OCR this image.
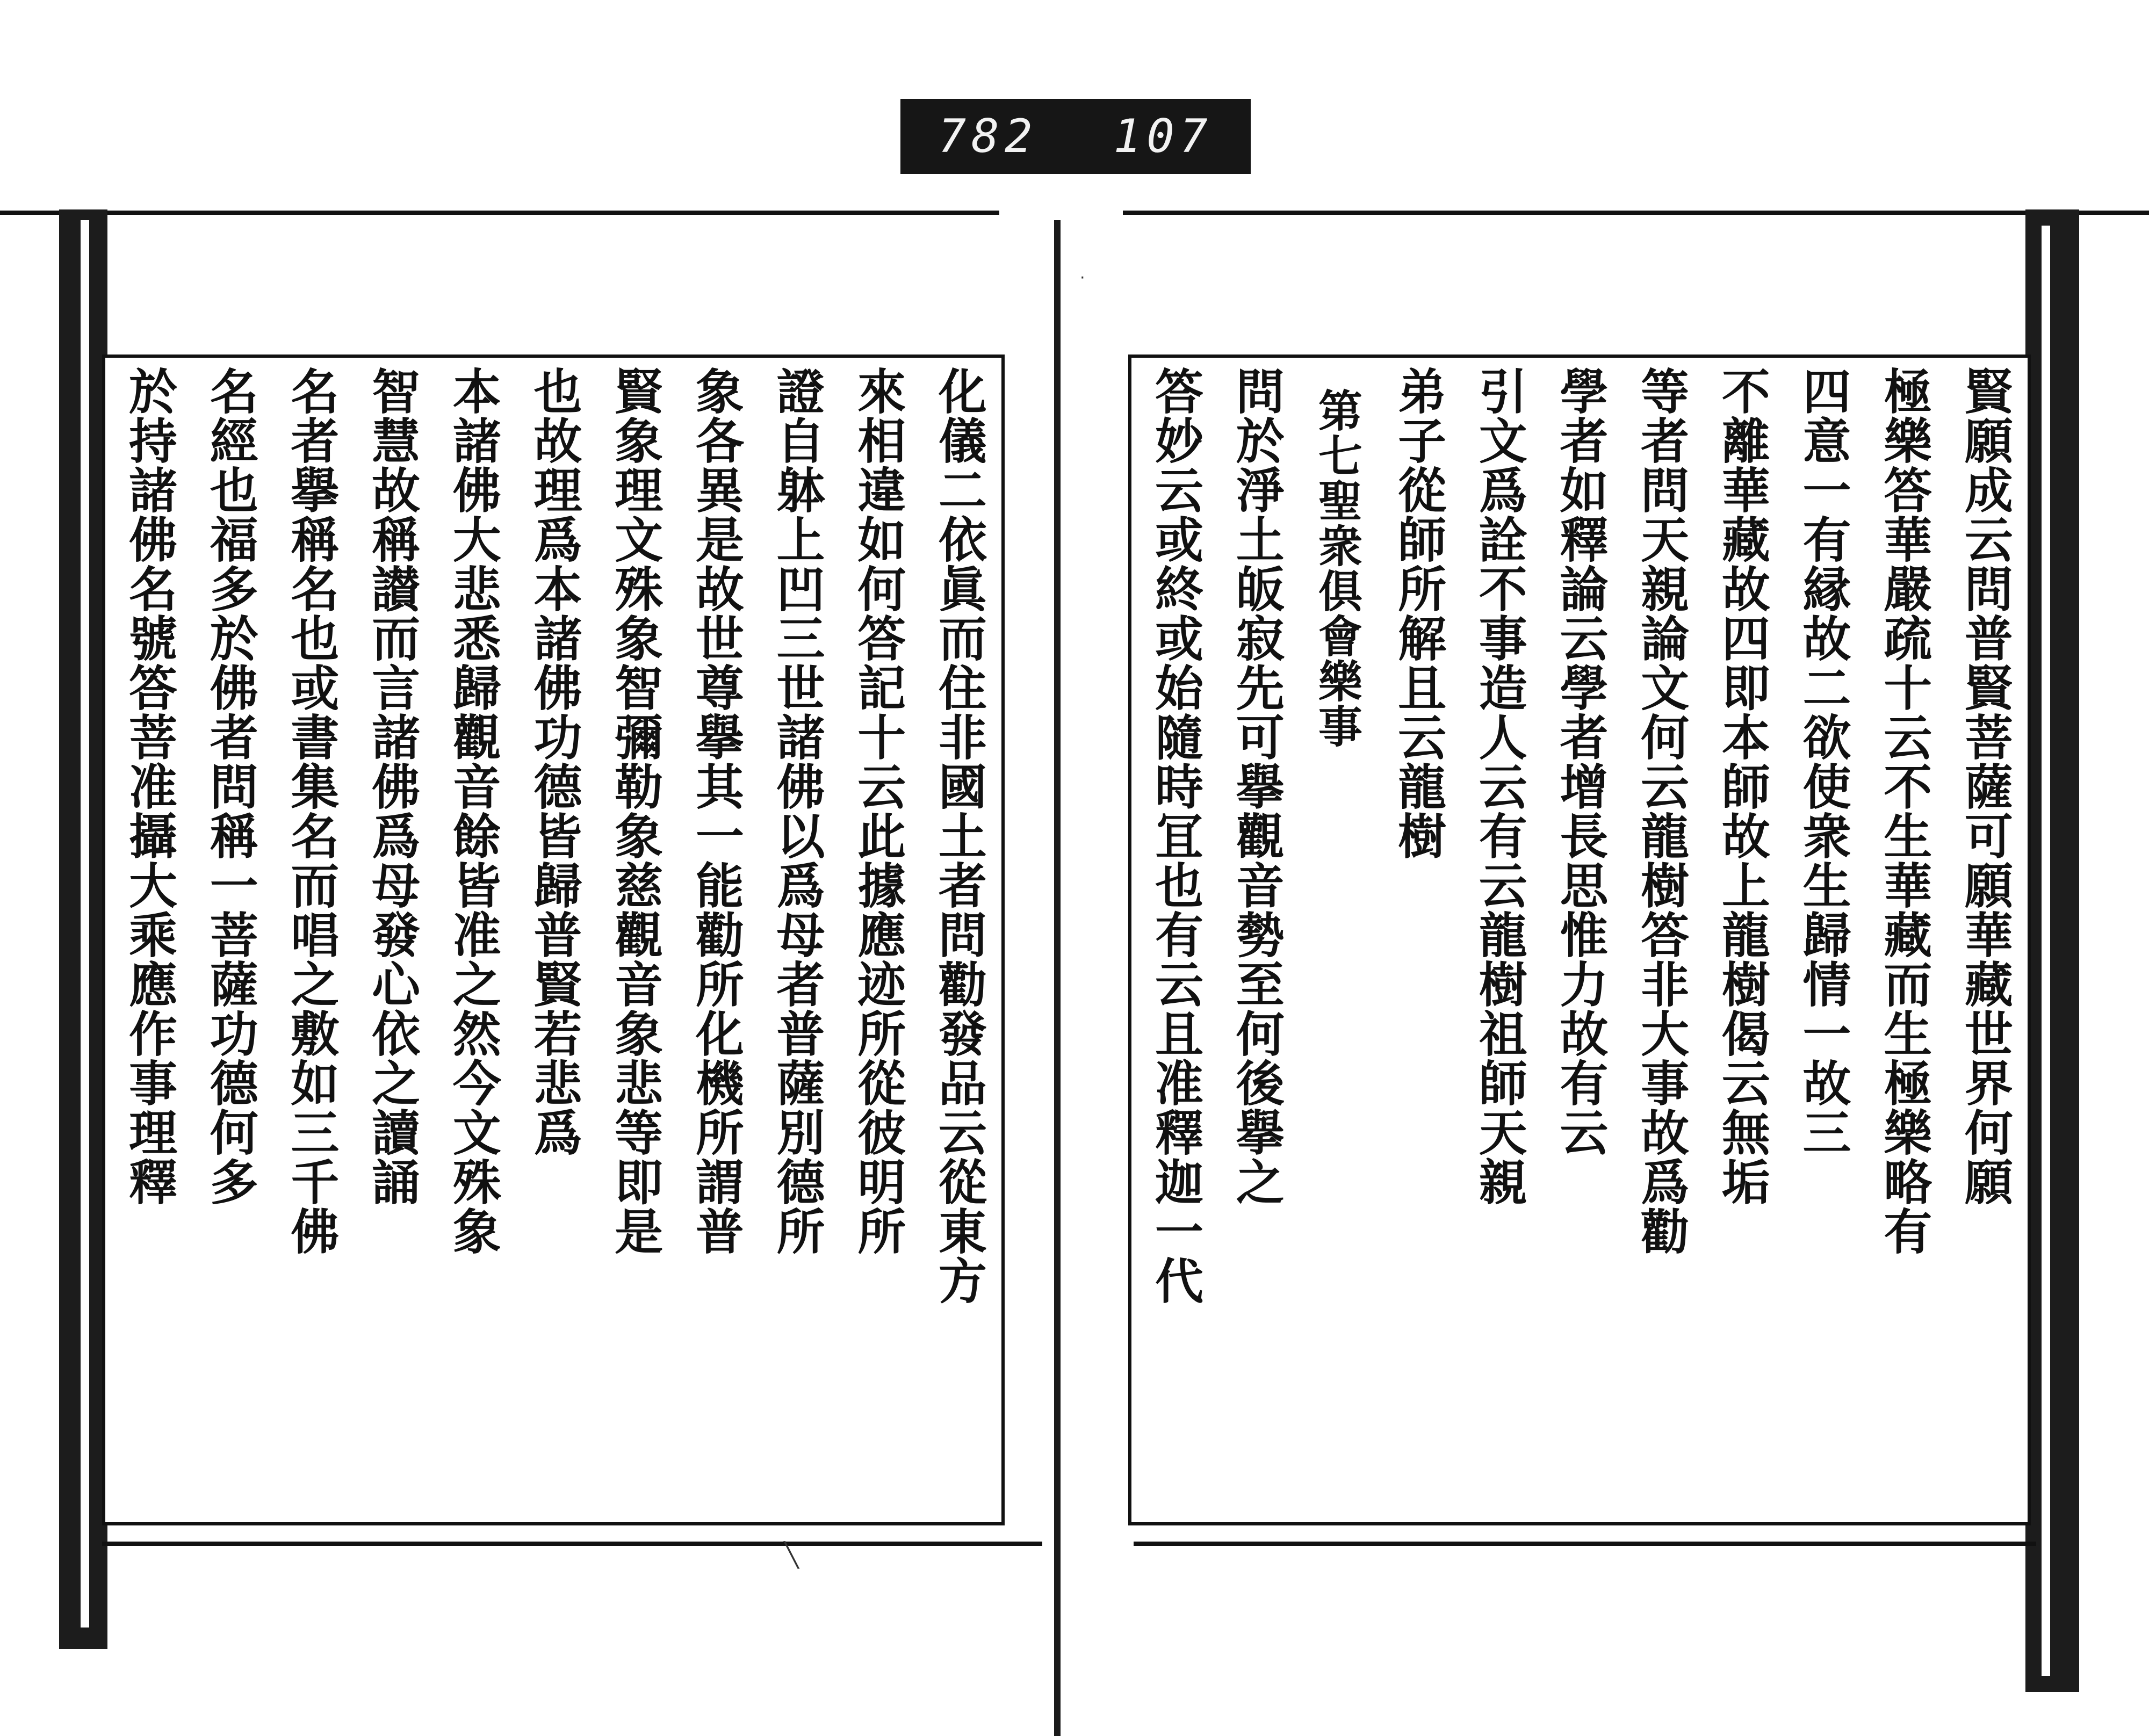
782 107
化儀二依眞而住非國土者問勸發品云從東方
來相違如何答記十云此據應迹所從彼明所
證自躰上凹三世諸佛以爲母者普薩別德所
象各異是故世尊擧其一能勸所化機所謂普
賢象理文殊象智彌勒象慈觀音象悲等即是
也故理爲本諸佛功德皆歸普賢若悲爲
本諸佛大悲悉歸觀音餘皆准之然今文殊象
智慧故稱讃而言諸佛爲母發心依之讀誦
名者擧稱名也或書集名而唱之敷如三千佛
名經也福多於佛者問稱一菩薩功德何多
於持諸佛名號答菩准攝大乘應作事理釋	賢願成云問普賢菩薩可願華藏世界何願
極樂答華嚴疏十云不生華藏而生極樂略有
四意一有縁故二欲使衆生歸情一故三
不離華藏故四即本師故上龍樹偈云無垢
等者問天親論文何云龍樹答非大事故爲勸
學者如釋論云學者增長思惟力故有云
引文爲詮不事造人云有云龍樹祖師天親
弟子從師所解且云龍樹
第七聖衆俱會樂事
問於淨土皈寂先可擧觀音勢至何後擧之
答妙云或終或始隨時冝也有云且准釋迦一代
╲
·
